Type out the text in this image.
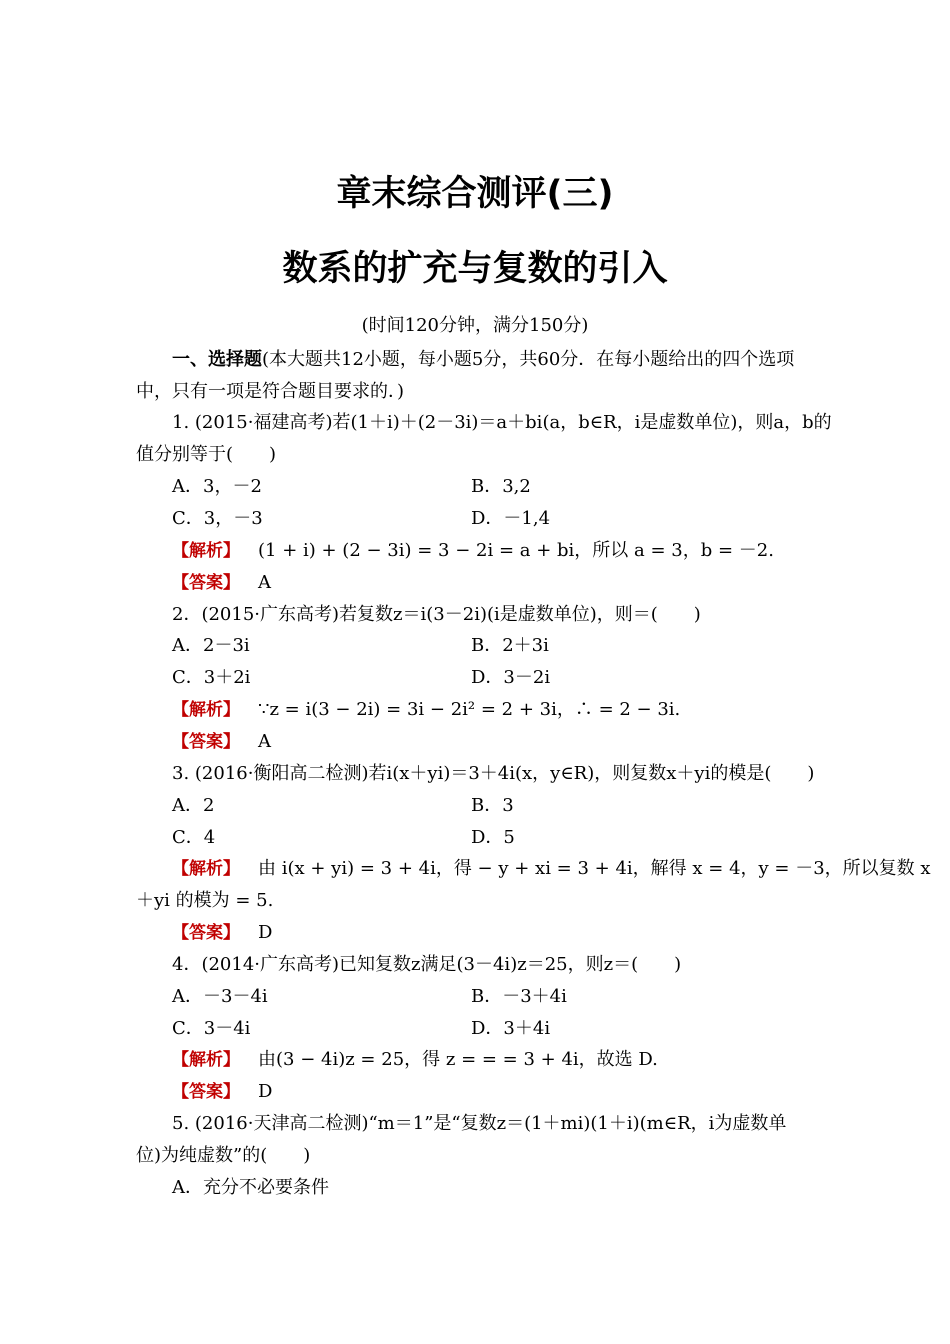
章末综合测评(三)
数系的扩充与复数的引入
(时间120分钟，满分150分)
一、选择题(本大题共12小题，每小题5分，共60分．在每小题给出的四个选项
中，只有一项是符合题目要求的．)
1. (2015·福建高考)若(1＋i)＋(2－3i)＝a＋bi(a，b∈R，i是虚数单位)，则a，b的
值分别等于(　　)
A．3，－2	B．3,2
C．3，－3	D．－1,4
【解析】 (1 + i) + (2 − 3i) = 3 − 2i = a + bi，所以 a = 3，b = －2.
【答案】 A
2．(2015·广东高考)若复数z＝i(3－2i)(i是虚数单位)，则＝(　　)
A．2－3i	B．2＋3i
C．3＋2i	D．3－2i
【解析】 ∵z = i(3 − 2i) = 3i − 2i² = 2 + 3i，∴ = 2 − 3i.
【答案】 A
3. (2016·衡阳高二检测)若i(x＋yi)＝3＋4i(x，y∈R)，则复数x＋yi的模是(　　)
A．2	B．3
C．4	D．5
【解析】 由 i(x + yi) = 3 + 4i，得 − y + xi = 3 + 4i，解得 x = 4，y = －3，所以复数 x
＋yi 的模为 = 5.
【答案】 D
4．(2014·广东高考)已知复数z满足(3－4i)z＝25，则z＝(　　)
A．－3－4i	B．－3＋4i
C．3－4i	D．3＋4i
【解析】 由(3 − 4i)z = 25，得 z = = = 3 + 4i，故选 D.
【答案】 D
5. (2016·天津高二检测)“m＝1”是“复数z＝(1＋mi)(1＋i)(m∈R，i为虚数单
位)为纯虚数”的(　　)
A．充分不必要条件
